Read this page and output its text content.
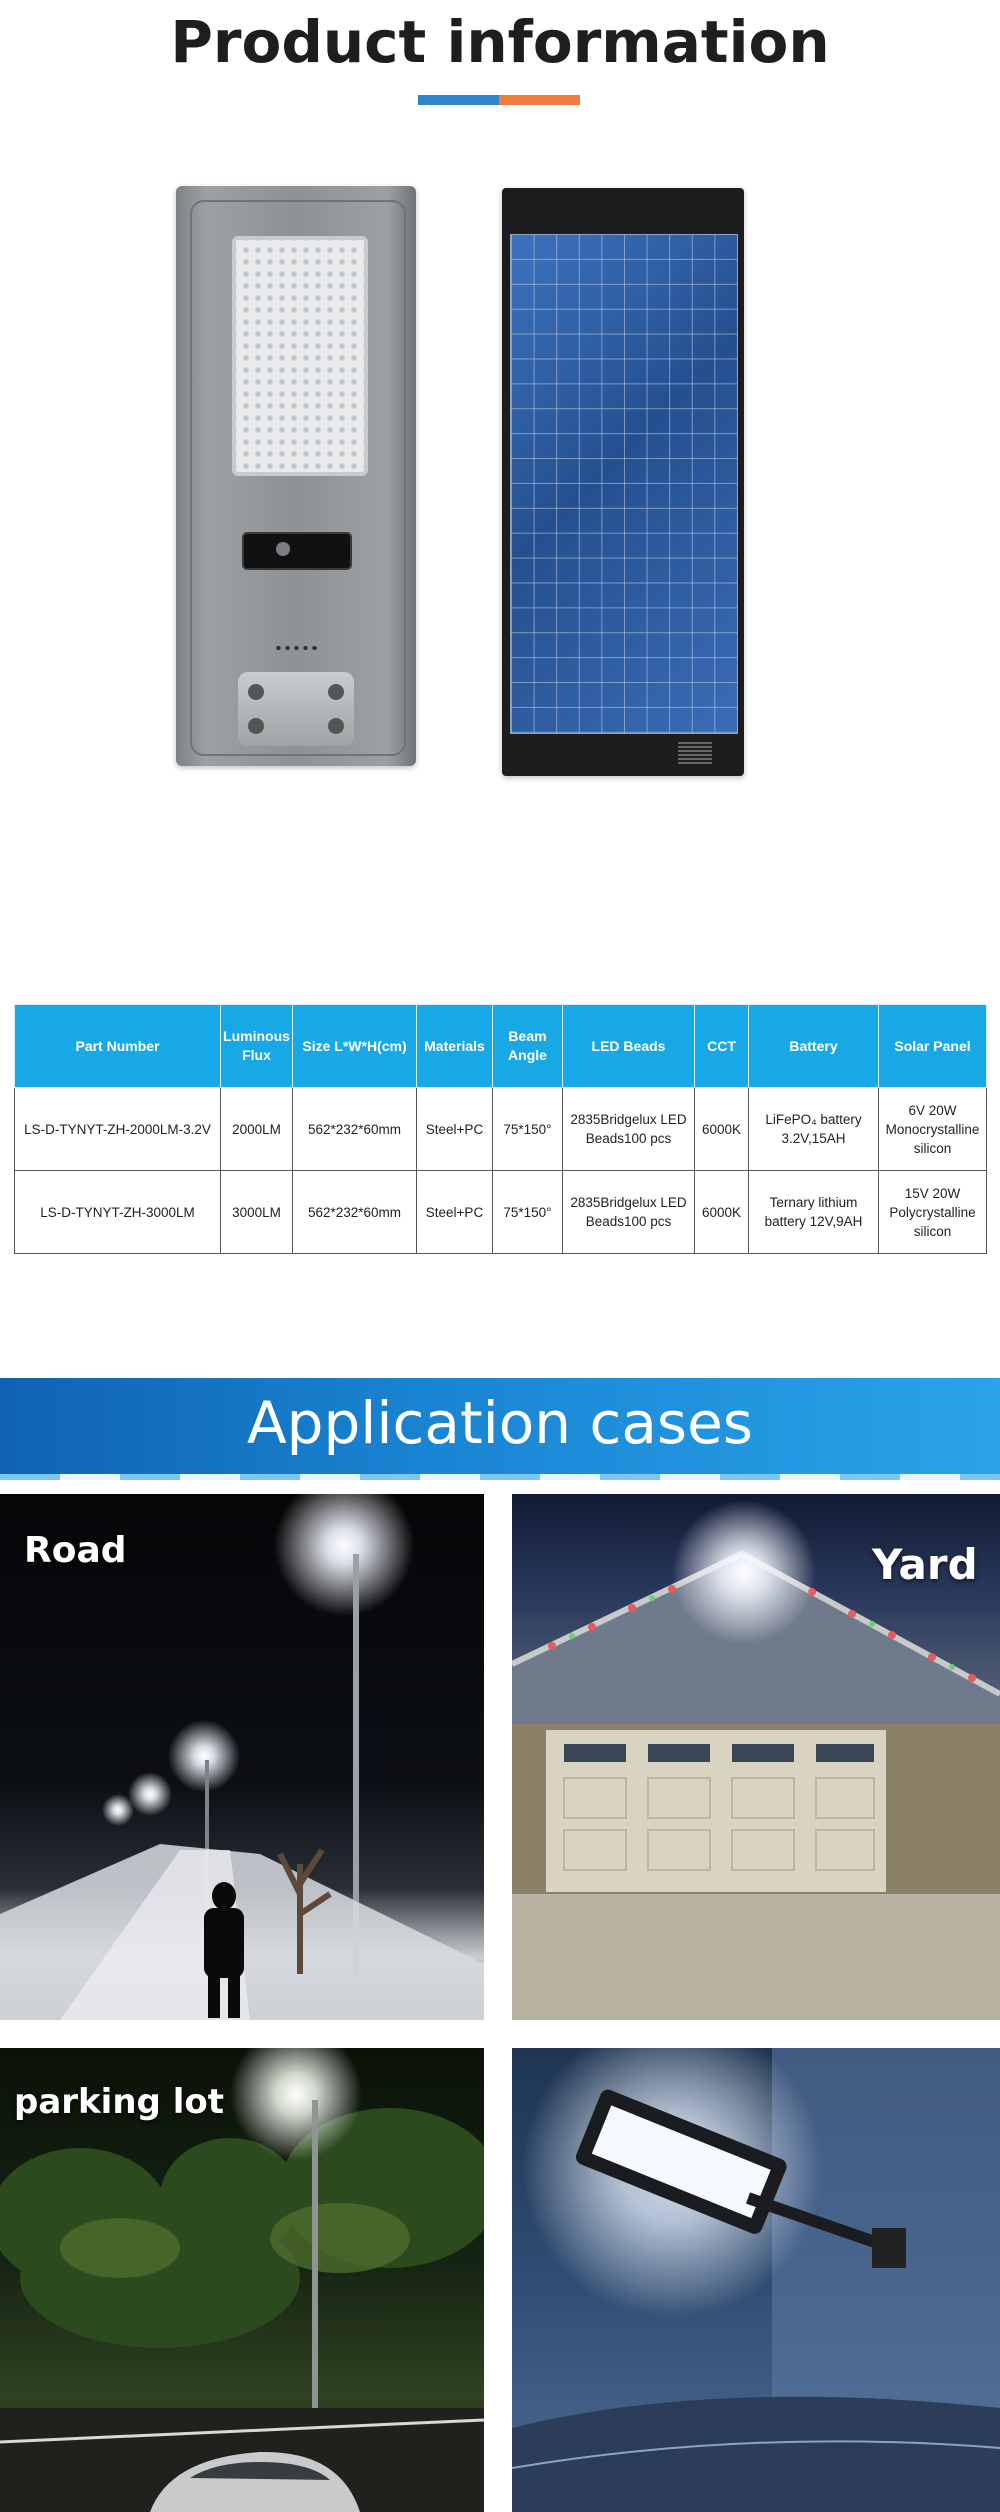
Product information
Part Number	Luminous Flux	Size L*W*H(cm)	Materials	Beam Angle	LED Beads	CCT	Battery	Solar Panel
LS-D-TYNYT-ZH-2000LM-3.2V	2000LM	562*232*60mm	Steel+PC	75*150°	2835Bridgelux LED Beads100 pcs	6000K	LiFePO₄ battery 3.2V,15AH	6V 20W Monocrystalline silicon
LS-D-TYNYT-ZH-3000LM	3000LM	562*232*60mm	Steel+PC	75*150°	2835Bridgelux LED Beads100 pcs	6000K	Ternary lithium battery 12V,9AH	15V 20W Polycrystalline silicon
Application cases
Road	Yard
parking lot
